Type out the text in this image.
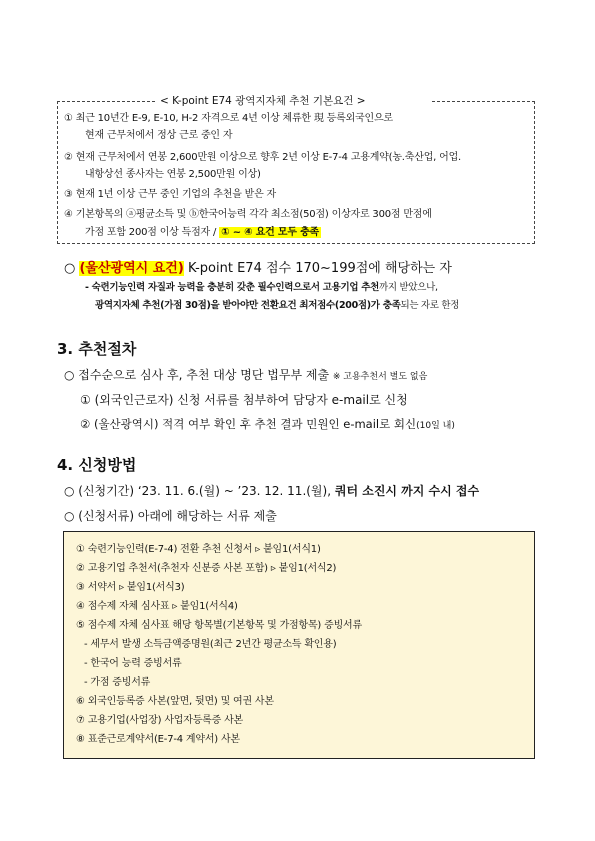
< K-point E74 광역지자체 추천 기본요건 >
① 최근 10년간 E-9, E-10, H-2 자격으로 4년 이상 체류한 現 등록외국인으로
현재 근무처에서 정상 근로 중인 자
② 현재 근무처에서 연봉 2,600만원 이상으로 향후 2년 이상 E-7-4 고용계약(농.축산업, 어업.
내항상선 종사자는 연봉 2,500만원 이상)
③ 현재 1년 이상 근무 중인 기업의 추천을 받은 자
④ 기본항목의 ⓐ평균소득 및 ⓑ한국어능력 각각 최소점(50점) 이상자로 300점 만점에
가점 포함 200점 이상 득점자 / ① ~ ④ 요건 모두 충족
○ (울산광역시 요건) K-point E74 점수 170~199점에 해당하는 자
- 숙련기능인력 자질과 능력을 충분히 갖춘 필수인력으로서 고용기업 추천까지 받았으나,
광역지자체 추천(가점 30점)을 받아야만 전환요건 최저점수(200점)가 충족되는 자로 한정
3. 추천절차
○ 접수순으로 심사 후, 추천 대상 명단 법무부 제출 ※ 고용추천서 별도 없음
① (외국인근로자) 신청 서류를 첨부하여 담당자 e-mail로 신청
② (울산광역시) 적격 여부 확인 후 추천 결과 민원인 e-mail로 회신(10일 내)
4. 신청방법
○ (신청기간) ‘23. 11. 6.(월) ~ ’23. 12. 11.(월), 쿼터 소진시 까지 수시 접수
○ (신청서류) 아래에 해당하는 서류 제출
① 숙련기능인력(E-7-4) 전환 추천 신청서 ▹ 붙임1(서식1)
② 고용기업 추천서(추천자 신분증 사본 포함) ▹ 붙임1(서식2)
③ 서약서 ▹ 붙임1(서식3)
④ 점수제 자체 심사표 ▹ 붙임1(서식4)
⑤ 점수제 자체 심사표 해당 항목별(기본항목 및 가점항목) 증빙서류
- 세무서 발생 소득금액증명원(최근 2년간 평균소득 확인용)
- 한국어 능력 증빙서류
- 가점 증빙서류
⑥ 외국인등록증 사본(앞면, 뒷면) 및 여권 사본
⑦ 고용기업(사업장) 사업자등록증 사본
⑧ 표준근로계약서(E-7-4 계약서) 사본
